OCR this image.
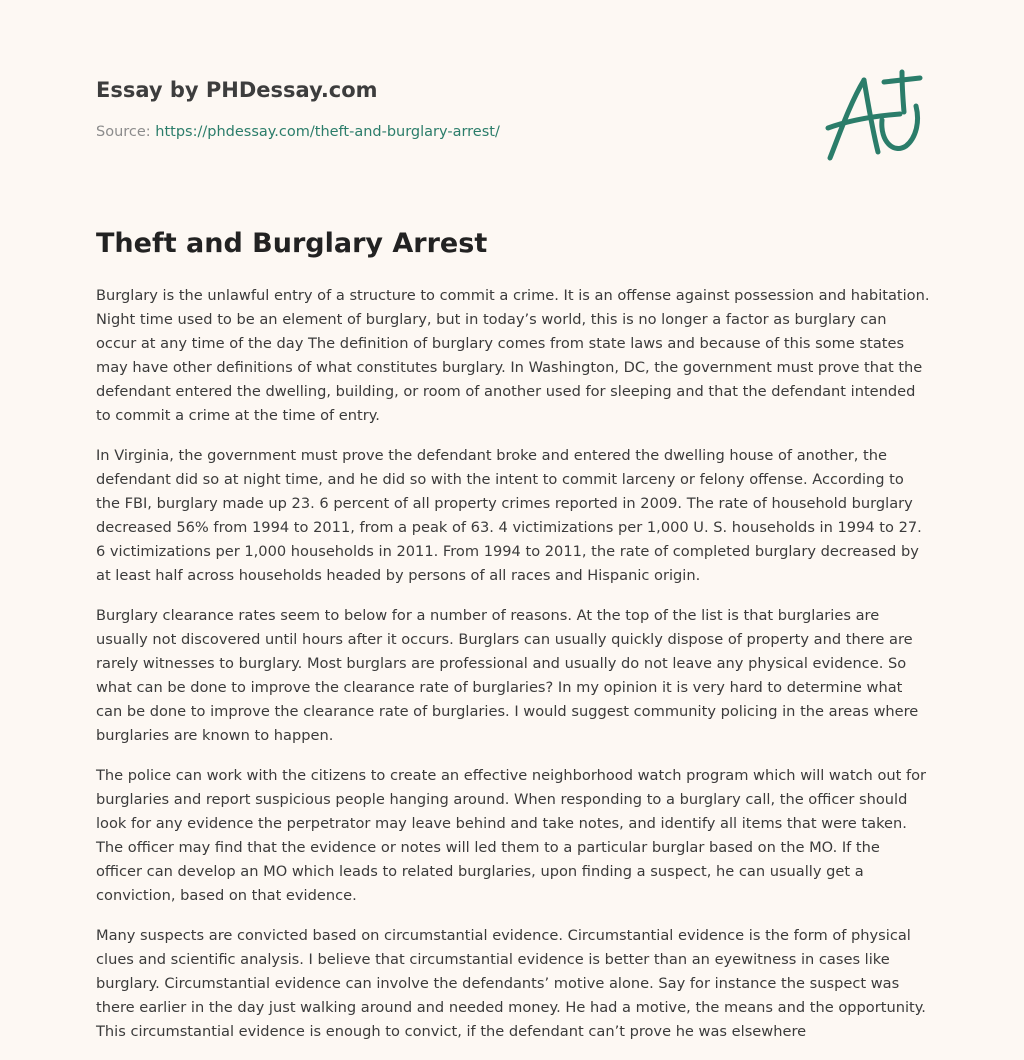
Essay by PHDessay.com
Source: https://phdessay.com/theft-and-burglary-arrest/
Theft and Burglary Arrest

Burglary is the unlawful entry of a structure to commit a crime. It is an offense against possession and habitation. Night time used to be an element of burglary, but in today’s world, this is no longer a factor as burglary can occur at any time of the day The definition of burglary comes from state laws and because of this some states may have other definitions of what constitutes burglary. In Washington, DC, the government must prove that the defendant entered the dwelling, building, or room of another used for sleeping and that the defendant intended to commit a crime at the time of entry.

In Virginia, the government must prove the defendant broke and entered the dwelling house of another, the defendant did so at night time, and he did so with the intent to commit larceny or felony offense. According to the FBI, burglary made up 23. 6 percent of all property crimes reported in 2009. The rate of household burglary decreased 56% from 1994 to 2011, from a peak of 63. 4 victimizations per 1,000 U. S. households in 1994 to 27. 6 victimizations per 1,000 households in 2011. From 1994 to 2011, the rate of completed burglary decreased by at least half across households headed by persons of all races and Hispanic origin.

Burglary clearance rates seem to below for a number of reasons. At the top of the list is that burglaries are usually not discovered until hours after it occurs. Burglars can usually quickly dispose of property and there are rarely witnesses to burglary. Most burglars are professional and usually do not leave any physical evidence. So what can be done to improve the clearance rate of burglaries? In my opinion it is very hard to determine what can be done to improve the clearance rate of burglaries. I would suggest community policing in the areas where burglaries are known to happen.

The police can work with the citizens to create an effective neighborhood watch program which will watch out for burglaries and report suspicious people hanging around. When responding to a burglary call, the officer should look for any evidence the perpetrator may leave behind and take notes, and identify all items that were taken. The officer may find that the evidence or notes will led them to a particular burglar based on the MO. If the officer can develop an MO which leads to related burglaries, upon finding a suspect, he can usually get a conviction, based on that evidence.

Many suspects are convicted based on circumstantial evidence. Circumstantial evidence is the form of physical clues and scientific analysis. I believe that circumstantial evidence is better than an eyewitness in cases like burglary. Circumstantial evidence can involve the defendants’ motive alone. Say for instance the suspect was there earlier in the day just walking around and needed money. He had a motive, the means and the opportunity. This circumstantial evidence is enough to convict, if the defendant can’t prove he was elsewhere
